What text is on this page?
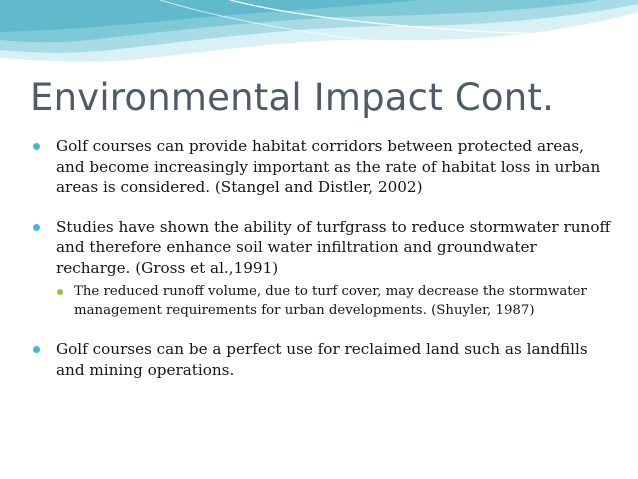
Environmental Impact Cont.
Golf courses can provide habitat corridors between protected areas,
and become increasingly important as the rate of habitat loss in urban
areas is considered. (Stangel and Distler, 2002)
Studies have shown the ability of turfgrass to reduce stormwater runoff
and therefore enhance soil water infiltration and groundwater
recharge. (Gross et al.,1991)
The reduced runoff volume, due to turf cover, may decrease the stormwater
management requirements for urban developments. (Shuyler, 1987)
Golf courses can be a perfect use for reclaimed land such as landfills
and mining operations.
